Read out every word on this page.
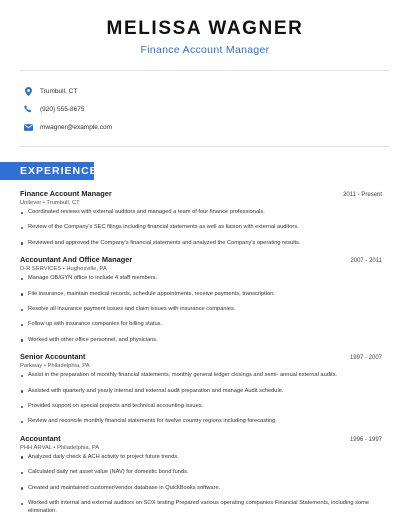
MELISSA WAGNER
Finance Account Manager
Trumbull, CT
(920) 555-8675
mwagner@example.com
EXPERIENCE
Finance Account Manager	2011 - Present
Unilever • Trumbull, CT
Coordinated reviews with external auditors and managed a team of four finance professionals.
Review of the Company's SEC filings including financial statements as well as liaison with external auditors.
Reviewed and approved the Company's financial statements and analyzed the Company's operating results.
Accountant And Office Manager	2007 - 2011
D-R SERVICES • Hughesville, PA
Manage OB/GYN office to include 4 staff members.
File insurance, maintain medical records, schedule appointments, receive payments, transcription.
Resolve all insurance payment issues and claim issues with insurance companies.
Follow up with insurance companies for billing status.
Worked with other office personnel, and physicians.
Senior Accountant	1997 - 2007
Parkway • Philadelphia, PA
Assist in the preparation of monthly financial statements, monthly general ledger closings and semi- annual external audits.
Assisted with quarterly and yearly internal and external audit preparation and manage Audit schedule.
Provided support on special projects and technical accounting issues.
Review and reconcile monthly financial statements for twelve country regions including forecasting.
Accountant	1996 - 1997
PHH ARVAL • Philadelphia, PA
Analyzed daily check & ACH activity to project future trends.
Calculated daily net asset value (NAV) for domestic bond funds.
Created and maintained customer/vendor database in QuickBooks software.
Worked with internal and external auditors on SOX testing Prepared various operating companies Financial Statements, including some elimination.
